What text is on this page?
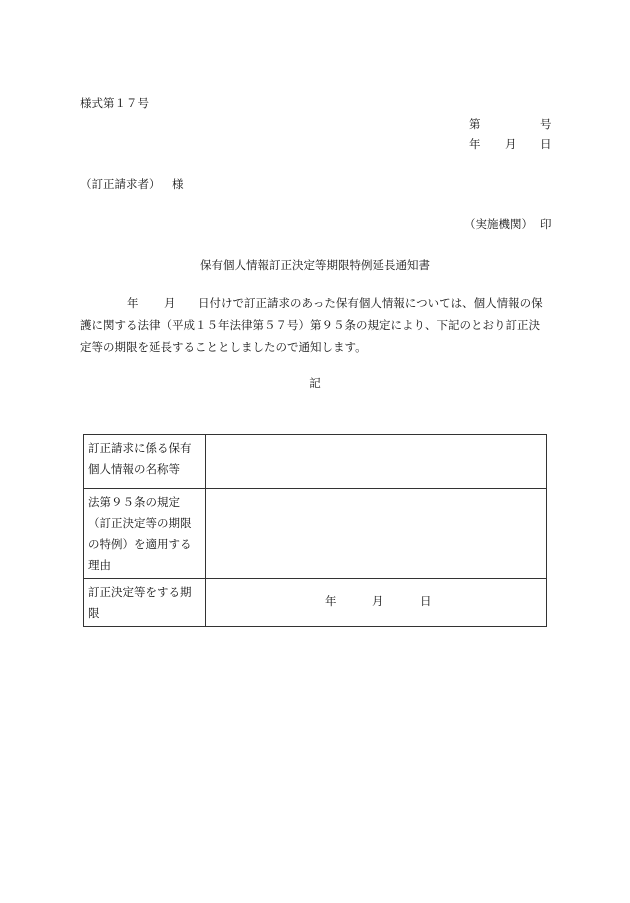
様式第１７号
第	号
年 月 日
（訂正請求者） 様
（実施機関） 印
保有個人情報訂正決定等期限特例延長通知書
年 月 日付けで訂正請求のあった保有個人情報については、個人情報の保
護に関する法律（平成１５年法律第５７号）第９５条の規定により、下記のとおり訂正決
定等の期限を延長することとしましたので通知します。
記
訂正請求に係る保有個人情報の名称等	
法第９５条の規定（訂正決定等の期限の特例）を適用する理由	
訂正決定等をする期限	年 月 日
